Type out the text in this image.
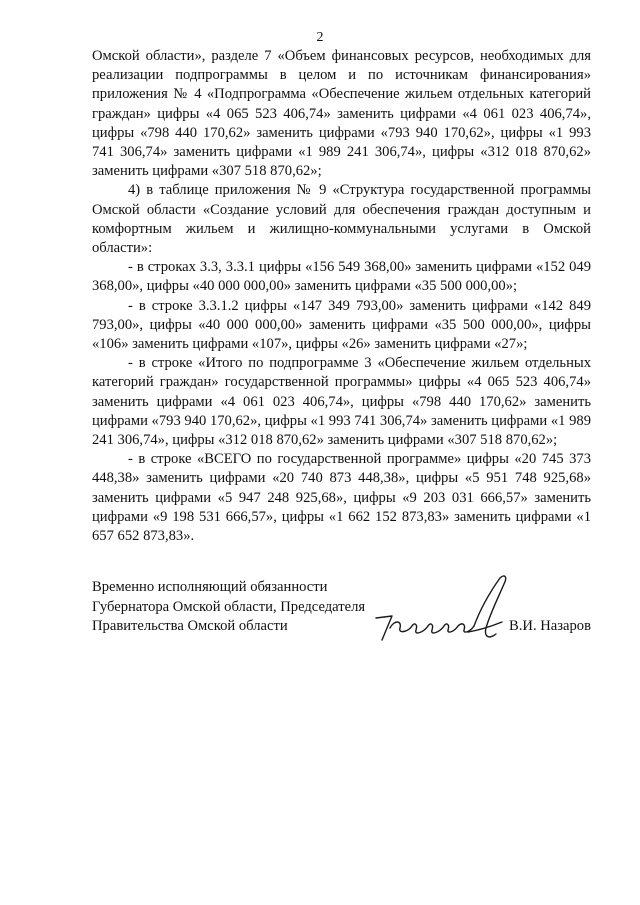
2

Омской области», разделе 7 «Объем финансовых ресурсов, необходимых для реализации подпрограммы в целом и по источникам финансирования» приложения № 4 «Подпрограмма «Обеспечение жильем отдельных категорий граждан» цифры «4 065 523 406,74» заменить цифрами «4 061 023 406,74», цифры «798 440 170,62» заменить цифрами «793 940 170,62», цифры «1 993 741 306,74» заменить цифрами «1 989 241 306,74», цифры «312 018 870,62» заменить цифрами «307 518 870,62»;

4) в таблице приложения № 9 «Структура государственной программы Омской области «Создание условий для обеспечения граждан доступным и комфортным жильем и жилищно-коммунальными услугами в Омской области»:

- в строках 3.3, 3.3.1 цифры «156 549 368,00» заменить цифрами «152 049 368,00», цифры «40 000 000,00» заменить цифрами «35 500 000,00»;

- в строке 3.3.1.2 цифры «147 349 793,00» заменить цифрами «142 849 793,00», цифры «40 000 000,00» заменить цифрами «35 500 000,00», цифры «106» заменить цифрами «107», цифры «26» заменить цифрами «27»;

- в строке «Итого по подпрограмме 3 «Обеспечение жильем отдельных категорий граждан» государственной программы» цифры «4 065 523 406,74» заменить цифрами «4 061 023 406,74», цифры «798 440 170,62» заменить цифрами «793 940 170,62», цифры «1 993 741 306,74» заменить цифрами «1 989 241 306,74», цифры «312 018 870,62» заменить цифрами «307 518 870,62»;

- в строке «ВСЕГО по государственной программе» цифры «20 745 373 448,38» заменить цифрами «20 740 873 448,38», цифры «5 951 748 925,68» заменить цифрами «5 947 248 925,68», цифры «9 203 031 666,57» заменить цифрами «9 198 531 666,57», цифры «1 662 152 873,83» заменить цифрами «1 657 652 873,83».

Временно исполняющий обязанности
Губернатора Омской области, Председателя
Правительства Омской области	В.И. Назаров
